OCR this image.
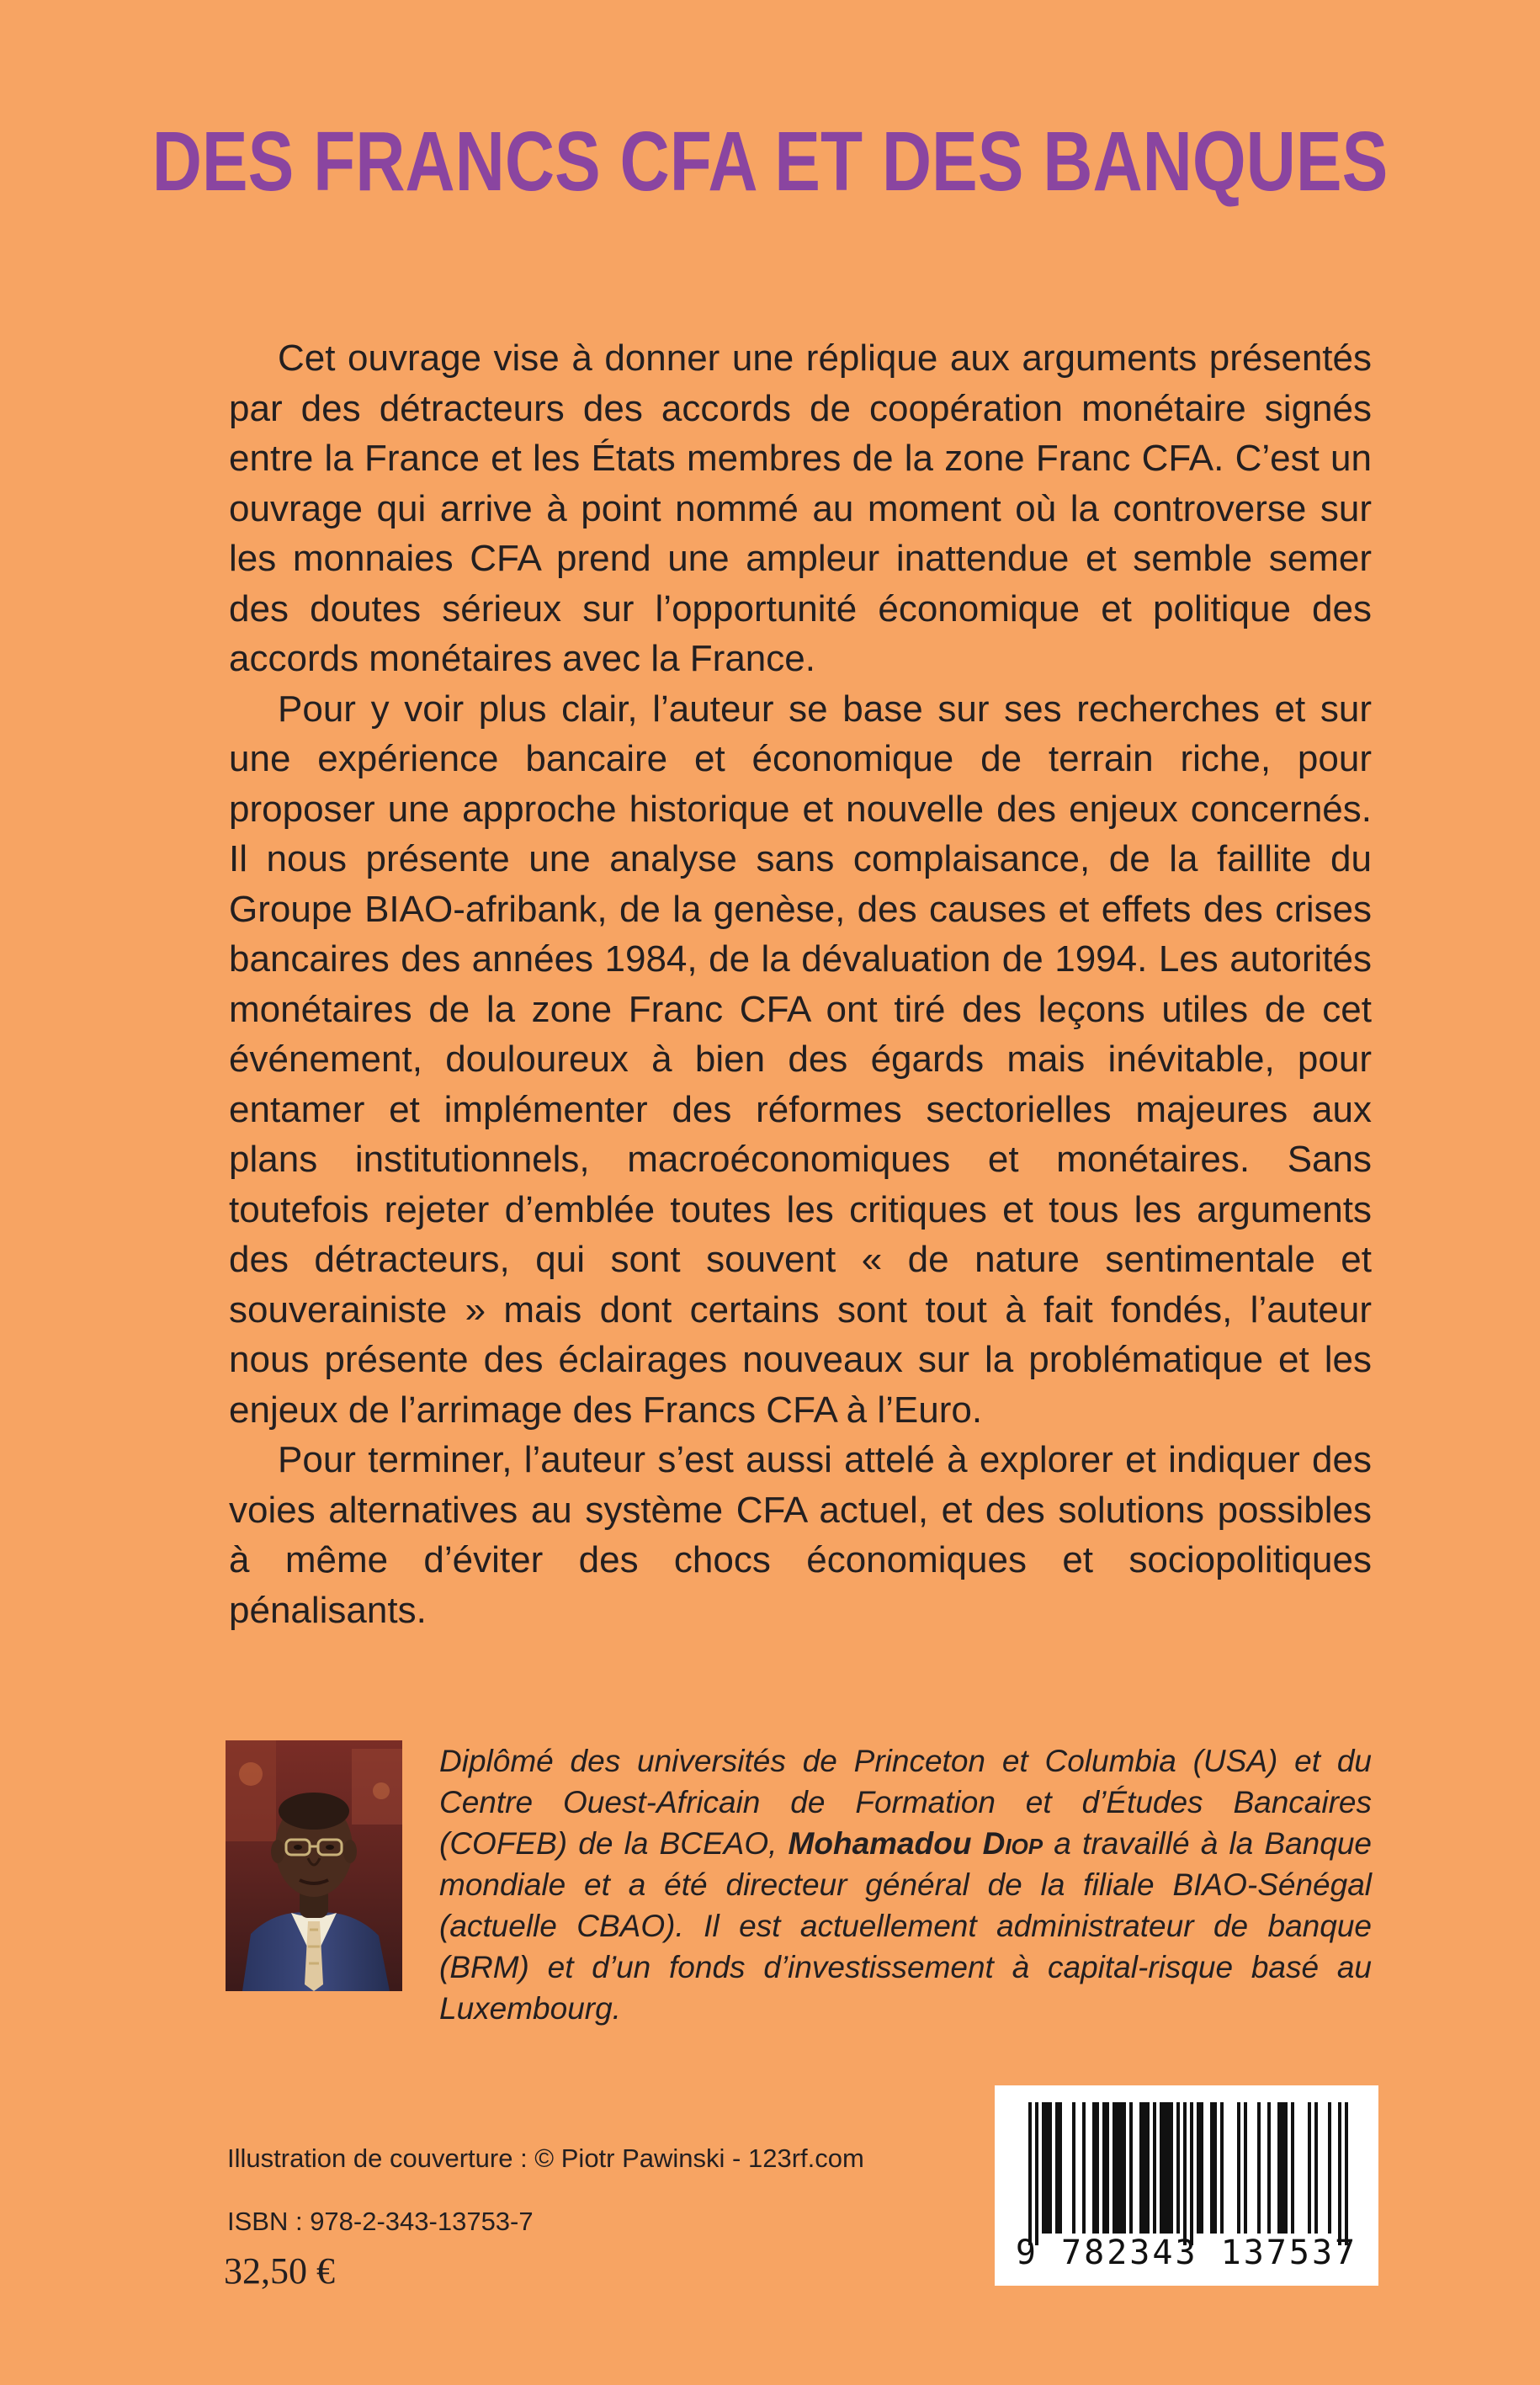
DES FRANCS CFA ET DES BANQUES

Cet ouvrage vise à donner une réplique aux arguments présentés par des détracteurs des accords de coopération monétaire signés entre la France et les États membres de la zone Franc CFA. C’est un ouvrage qui arrive à point nommé au moment où la controverse sur les monnaies CFA prend une ampleur inattendue et semble semer des doutes sérieux sur l’opportunité économique et politique des accords monétaires avec la France.

Pour y voir plus clair, l’auteur se base sur ses recherches et sur une expérience bancaire et économique de terrain riche, pour proposer une approche historique et nouvelle des enjeux concernés. Il nous présente une analyse sans complaisance, de la faillite du Groupe BIAO-afribank, de la genèse, des causes et effets des crises bancaires des années 1984, de la dévaluation de 1994. Les autorités monétaires de la zone Franc CFA ont tiré des leçons utiles de cet événement, douloureux à bien des égards mais inévitable, pour entamer et implémenter des réformes sectorielles majeures aux plans institutionnels, macroéconomiques et monétaires. Sans toutefois rejeter d’emblée toutes les critiques et tous les arguments des détracteurs, qui sont souvent « de nature sentimentale et souverainiste » mais dont certains sont tout à fait fondés, l’auteur nous présente des éclairages nouveaux sur la problématique et les enjeux de l’arrimage des Francs CFA à l’Euro.

Pour terminer, l’auteur s’est aussi attelé à explorer et indiquer des voies alternatives au système CFA actuel, et des solutions possibles à même d’éviter des chocs économiques et sociopolitiques pénalisants.

Diplômé des universités de Princeton et Columbia (USA) et du Centre Ouest-Africain de Formation et d’Études Bancaires (COFEB) de la BCEAO, Mohamadou Diop a travaillé à la Banque mondiale et a été directeur général de la filiale BIAO-Sénégal (actuelle CBAO). Il est actuellement administrateur de banque (BRM) et d’un fonds d’investissement à capital-risque basé au Luxembourg.
Illustration de couverture : © Piotr Pawinski - 123rf.com
ISBN : 978-2-343-13753-7
32,50 €	9 782343 137537
